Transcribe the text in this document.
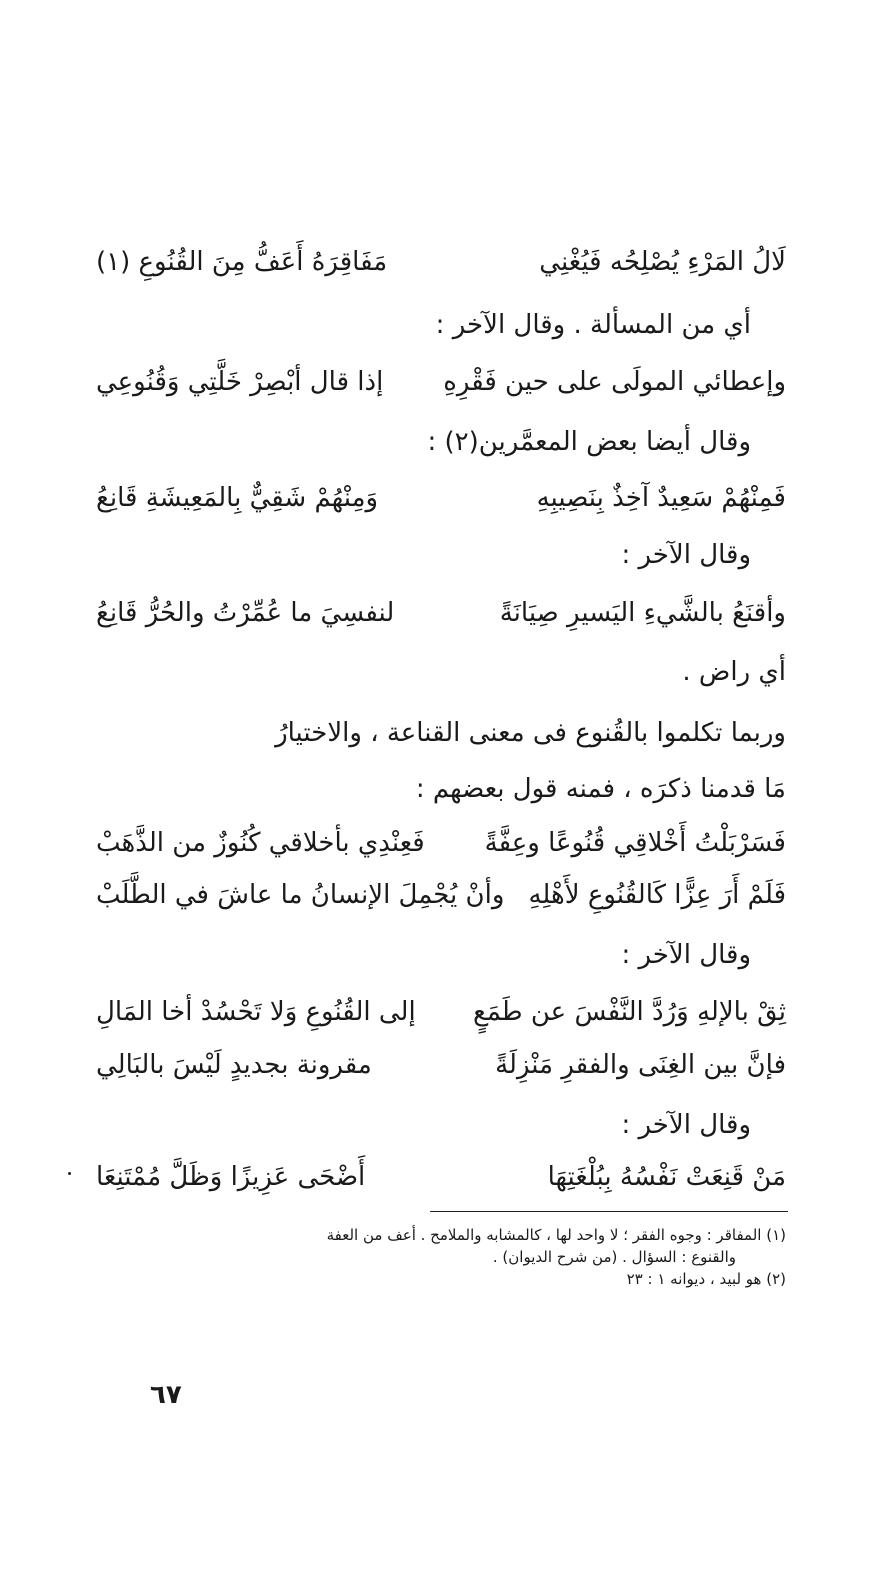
لَالُ المَرْءِ يُصْلِحُه فَيُغْنِي
مَفَاقِرَهُ أَعَفُّ مِنَ القُنُوعِ (١)
أي من المسألة . وقال الآخر :
وإعطائي المولَى على حين فَقْرِهِ
إذا قال أبْصِرْ خَلَّتِي وَقُنُوعِي
وقال أيضا بعض المعمَّرين(٢) :
فَمِنْهُمْ سَعِيدٌ آخِذٌ بِنَصِيبِهِ
وَمِنْهُمْ شَقِيٌّ بِالمَعِيشَةِ قَانِعُ
وقال الآخر :
وأقنَعُ بالشَّيءِ اليَسيرِ صِيَانَةً
لنفسِيَ ما عُمِّرْتُ والحُرُّ قَانِعُ
أي راض .
وربما تكلموا بالقُنوع فى معنى القناعة ، والاختيارُ
مَا قدمنا ذكرَه ، فمنه قول بعضهم :
فَسَرْبَلْتُ أَخْلاقِي قُنُوعًا وعِفَّةً
فَعِنْدِي بأخلاقي كُنُوزٌ من الذَّهَبْ
فَلَمْ أَرَ عِزًّا كَالقُنُوعِ لأَهْلِهِ
وأنْ يُجْمِلَ الإنسانُ ما عاشَ في الطَّلَبْ
وقال الآخر :
ثِقْ بالإلهِ وَرُدَّ النَّفْسَ عن طَمَعٍ
إلى القُنُوعِ وَلا تَحْسُدْ أخا المَالِ
فإنَّ بين الغِنَى والفقرِ مَنْزِلَةً
مقرونة بجديدٍ لَيْسَ بالبَالِي
وقال الآخر :
مَنْ قَنِعَتْ نَفْسُهُ بِبُلْغَتِهَا
أَضْحَى عَزِيزًا وَظَلَّ مُمْتَنِعَا
(١) المفاقر : وجوه الفقر ؛ لا واحد لها ، كالمشابه والملامح . أعف من العفة
والقنوع : السؤال . (من شرح الديوان) .
(٢) هو لبيد ، ديوانه ١ : ٢٣
٦٧
